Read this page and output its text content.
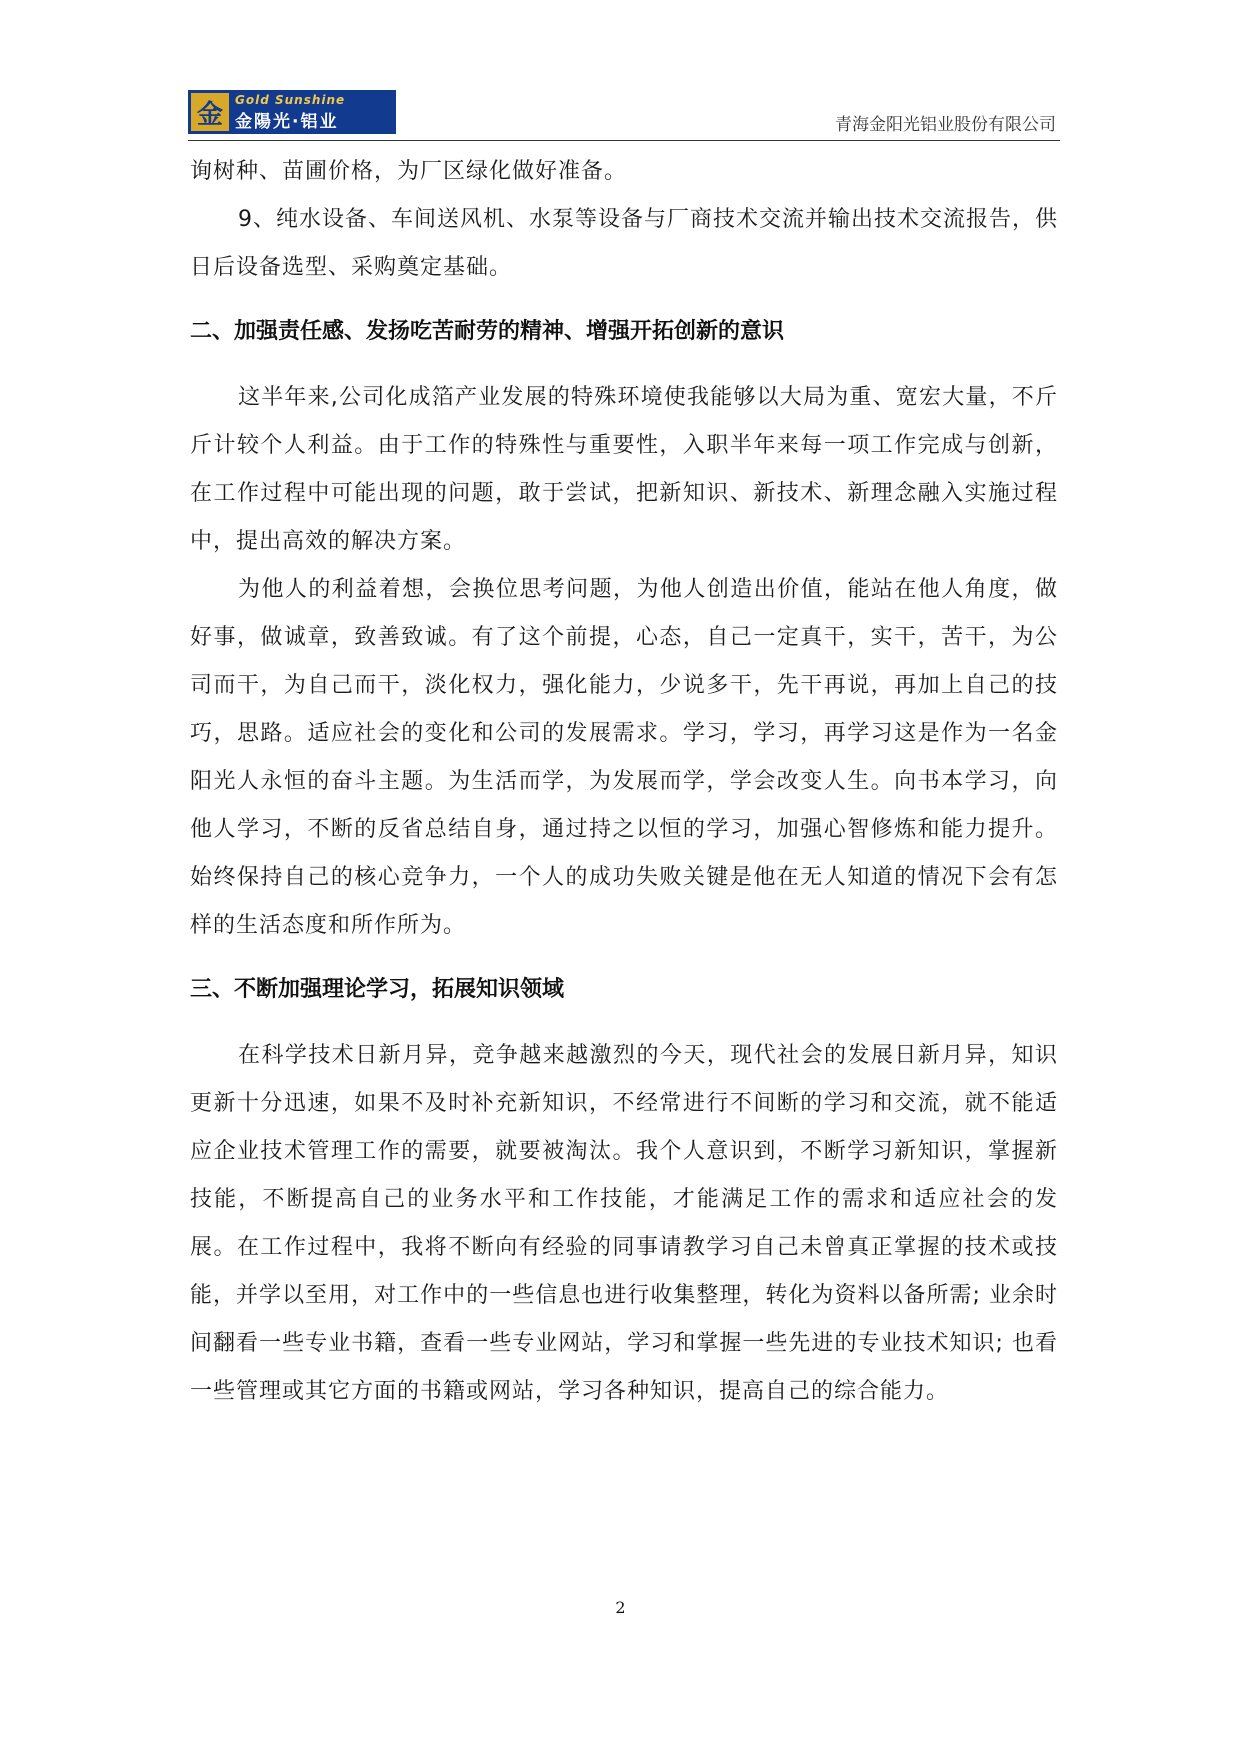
金	Gold Sunshine
金陽光·铝业	青海金阳光铝业股份有限公司

询树种、苗圃价格，为厂区绿化做好准备。

9、纯水设备、车间送风机、水泵等设备与厂商技术交流并输出技术交流报告，供日后设备选型、采购奠定基础。

二、加强责任感、发扬吃苦耐劳的精神、增强开拓创新的意识

这半年来,公司化成箔产业发展的特殊环境使我能够以大局为重、宽宏大量，不斤斤计较个人利益。由于工作的特殊性与重要性，入职半年来每一项工作完成与创新，在工作过程中可能出现的问题，敢于尝试，把新知识、新技术、新理念融入实施过程中，提出高效的解决方案。

为他人的利益着想，会换位思考问题，为他人创造出价值，能站在他人角度，做好事，做诚章，致善致诚。有了这个前提，心态，自己一定真干，实干，苦干，为公司而干，为自己而干，淡化权力，强化能力，少说多干，先干再说，再加上自己的技巧，思路。适应社会的变化和公司的发展需求。学习，学习，再学习这是作为一名金阳光人永恒的奋斗主题。为生活而学，为发展而学，学会改变人生。向书本学习，向他人学习，不断的反省总结自身，通过持之以恒的学习，加强心智修炼和能力提升。始终保持自己的核心竞争力，一个人的成功失败关键是他在无人知道的情况下会有怎样的生活态度和所作所为。

三、不断加强理论学习，拓展知识领域

在科学技术日新月异，竞争越来越激烈的今天，现代社会的发展日新月异，知识更新十分迅速，如果不及时补充新知识，不经常进行不间断的学习和交流，就不能适应企业技术管理工作的需要，就要被淘汰。我个人意识到，不断学习新知识，掌握新技能，不断提高自己的业务水平和工作技能，才能满足工作的需求和适应社会的发展。在工作过程中，我将不断向有经验的同事请教学习自己未曾真正掌握的技术或技能，并学以至用，对工作中的一些信息也进行收集整理，转化为资料以备所需; 业余时间翻看一些专业书籍，查看一些专业网站，学习和掌握一些先进的专业技术知识; 也看一些管理或其它方面的书籍或网站，学习各种知识，提高自己的综合能力。

2
